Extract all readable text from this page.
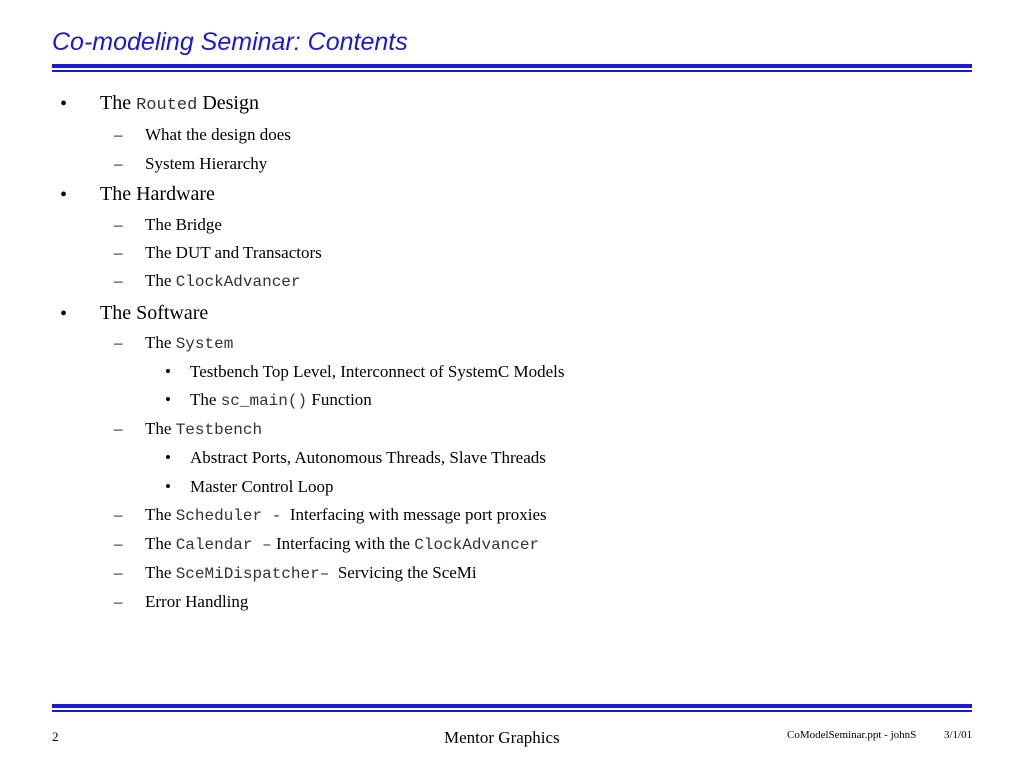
Co-modeling Seminar: Contents
• The Routed Design
– What the design does
– System Hierarchy
• The Hardware
– The Bridge
– The DUT and Transactors
– The ClockAdvancer
• The Software
– The System
• Testbench Top Level, Interconnect of SystemC Models
• The sc_main() Function
– The Testbench
• Abstract Ports, Autonomous Threads, Slave Threads
• Master Control Loop
– The Scheduler -  Interfacing with message port proxies
– The Calendar – Interfacing with the ClockAdvancer
– The SceMiDispatcher–  Servicing the SceMi
– Error Handling
2	Mentor Graphics	CoModelSeminar.ppt - johnS	3/1/01
